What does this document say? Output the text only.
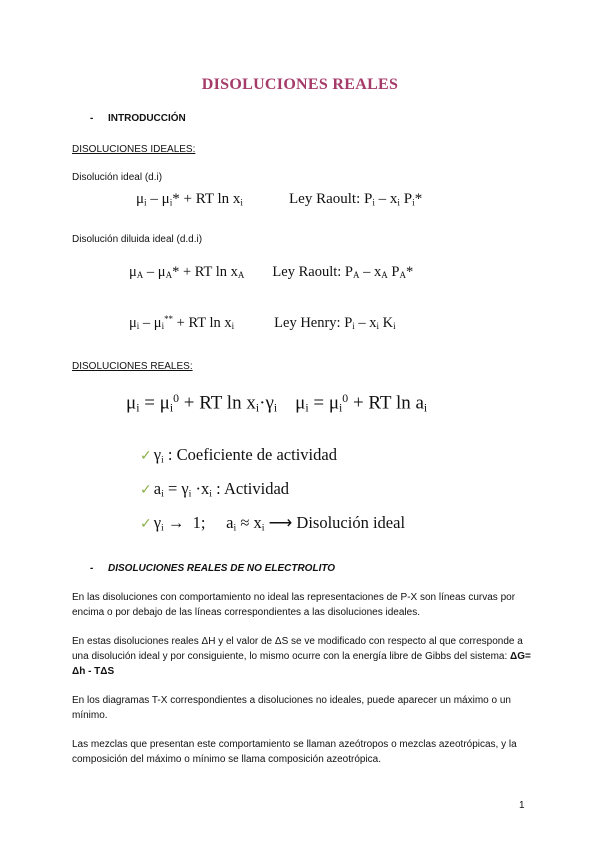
DISOLUCIONES REALES
- INTRODUCCIÓN
DISOLUCIONES IDEALES:
Disolución ideal (d.i)
$\mu_i - \mu_i*$ + RT $\ln x_i$	Ley Raoult: $P_i - x_i$ $P_i*$
Disolución diluida ideal (d.d.i)
$\mu_A - \mu_A*$ + RT $\ln x_A$ Ley Raoult: $P_A - x_A$ $P_A*$
$\mu_i - \mu_i^{**}$ + RT $\ln x_i$	Ley Henry: $P_i - x_i$ $K_i$
DISOLUCIONES REALES:
$\mu_i = \mu_i^0$ + RT $\ln x_i\cdot\gamma_i$ $\mu_i = \mu_i^0$ + RT $\ln a_i$
✓ $\gamma_i$ : Coeficiente de actividad
✓ $a_i = \gamma_i \cdot x_i$ : Actividad
✓ $\gamma_i \to 1$;     $a_i \approx x_i$ ⟶ Disolución ideal
- DISOLUCIONES REALES DE NO ELECTROLITO
En las disoluciones con comportamiento no ideal las representaciones de P-X son líneas curvas por encima o por debajo de las líneas correspondientes a las disoluciones ideales.
En estas disoluciones reales ΔH y el valor de ΔS se ve modificado con respecto al que corresponde a una disolución ideal y por consiguiente, lo mismo ocurre con la energía libre de Gibbs del sistema: ΔG= Δh - TΔS
En los diagramas T-X correspondientes a disoluciones no ideales, puede aparecer un máximo o un mínimo.
Las mezclas que presentan este comportamiento se llaman azeótropos o mezclas azeotrópicas, y la composición del máximo o mínimo se llama composición azeotrópica.
1
